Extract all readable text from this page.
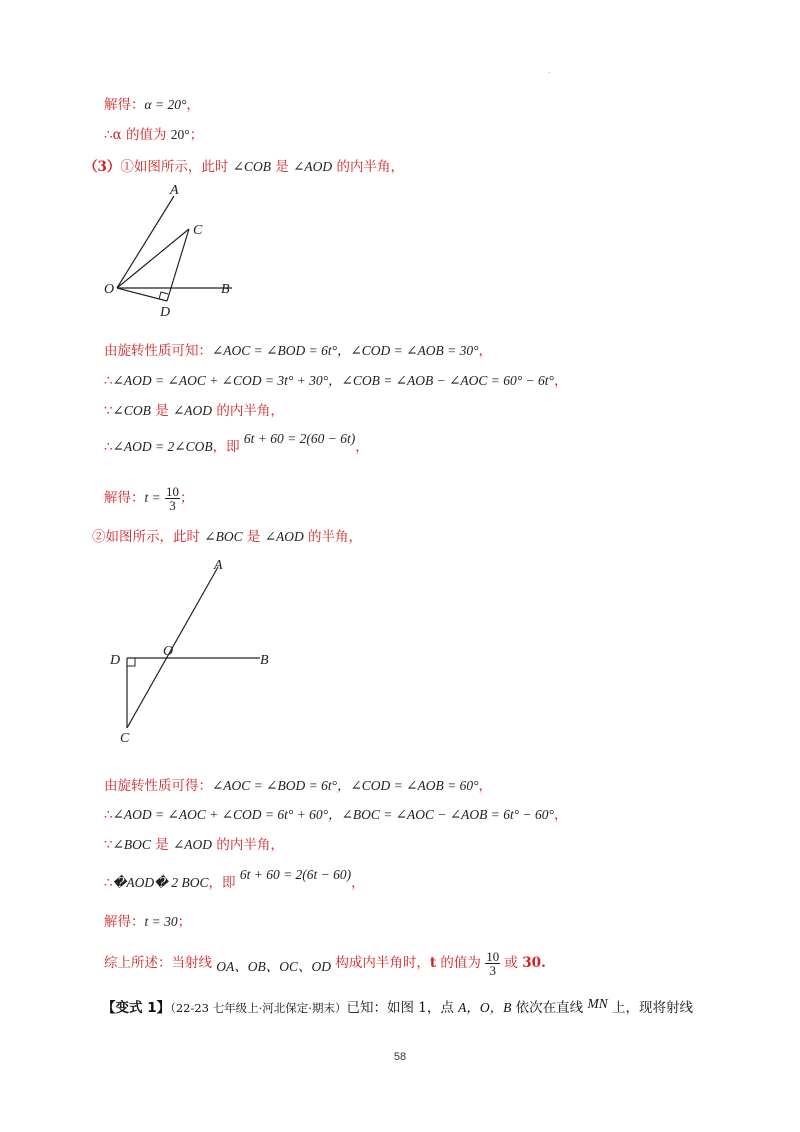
.
解得：α = 20°，
∴α 的值为 20°；
（3）①如图所示，此时 ∠COB 是 ∠AOD 的内半角，
A
C
O	B
D
由旋转性质可知：∠AOC = ∠BOD = 6t°，∠COD = ∠AOB = 30°，
∴∠AOD = ∠AOC + ∠COD = 3t° + 30°，∠COB = ∠AOB − ∠AOC = 60° − 6t°，
∵∠COB 是 ∠AOD 的内半角，
∴∠AOD = 2∠COB，即 6t + 60 = 2(60 − 6t)，
解得：$t = \frac{10}{3}$ ；
②如图所示，此时 ∠BOC 是 ∠AOD 的半角，
A
D
O
B
C
由旋转性质可得：∠AOC = ∠BOD = 6t°，∠COD = ∠AOB = 60°，
∴∠AOD = ∠AOC + ∠COD = 6t° + 60°，∠BOC = ∠AOC − ∠AOB = 6t° − 60°，
∵∠BOC 是 ∠AOD 的内半角，
∴�AOD� 2 BOC，即 6t + 60 = 2(6t − 60)，
解得：t = 30；
综上所述：当射线 OA、OB、OC、OD 构成内半角时，t 的值为 $\frac{10}{3}$ 或 30.
【变式 1】（22-23 七年级上·河北保定·期末）已知：如图 1，点 A，O，B 依次在直线 MN 上，现将射线
58
